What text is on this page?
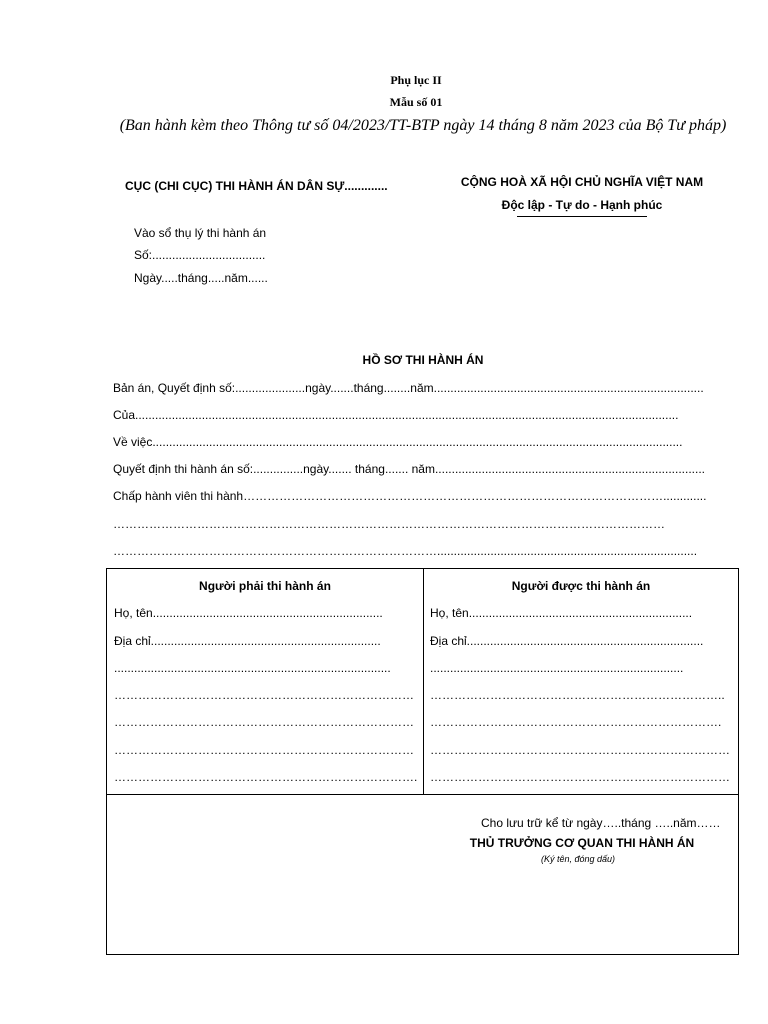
Phụ lục II
Mẫu số 01
(Ban hành kèm theo Thông tư số 04/2023/TT-BTP ngày 14 tháng 8 năm 2023 của Bộ Tư pháp)
CỤC (CHI CỤC) THI HÀNH ÁN DÂN SỰ.............
Vào sổ thụ lý thi hành án
Số:..................................
Ngày.....tháng.....năm......
CỘNG HOÀ XÃ HỘI CHỦ NGHĨA VIỆT NAM
Độc lập - Tự do - Hạnh phúc
HỒ SƠ THI HÀNH ÁN
Bản án, Quyết định số:.....................ngày.......tháng........năm.................................................................................
Của...................................................................................................................................................................
Về việc...............................................................................................................................................................
Quyết định thi hành án số:...............ngày....... tháng....... năm.................................................................................
Chấp hành viên thi hành…………………………………………………………………………………………….............
…………………………………………………………………………………………………………………………
………………………………………………………………………..............................................................................
Người phải thi hành án
Họ, tên.....................................................................
Địa chỉ.....................................................................
...................................................................................
…………………………………………………………………
…………………………………………………………………
…………………………………………………………………
………………………………………………………………….

Người được thi hành án
Họ, tên...................................................................
Địa chỉ.......................................................................
............................................................................
………………………………………………………………..
……………………………………………………………….
…………………………………………………………………
…………………………………………………………………
Cho lưu trữ kể từ ngày…..tháng …..năm……
THỦ TRƯỞNG CƠ QUAN THI HÀNH ÁN
(Ký tên, đóng dấu)
